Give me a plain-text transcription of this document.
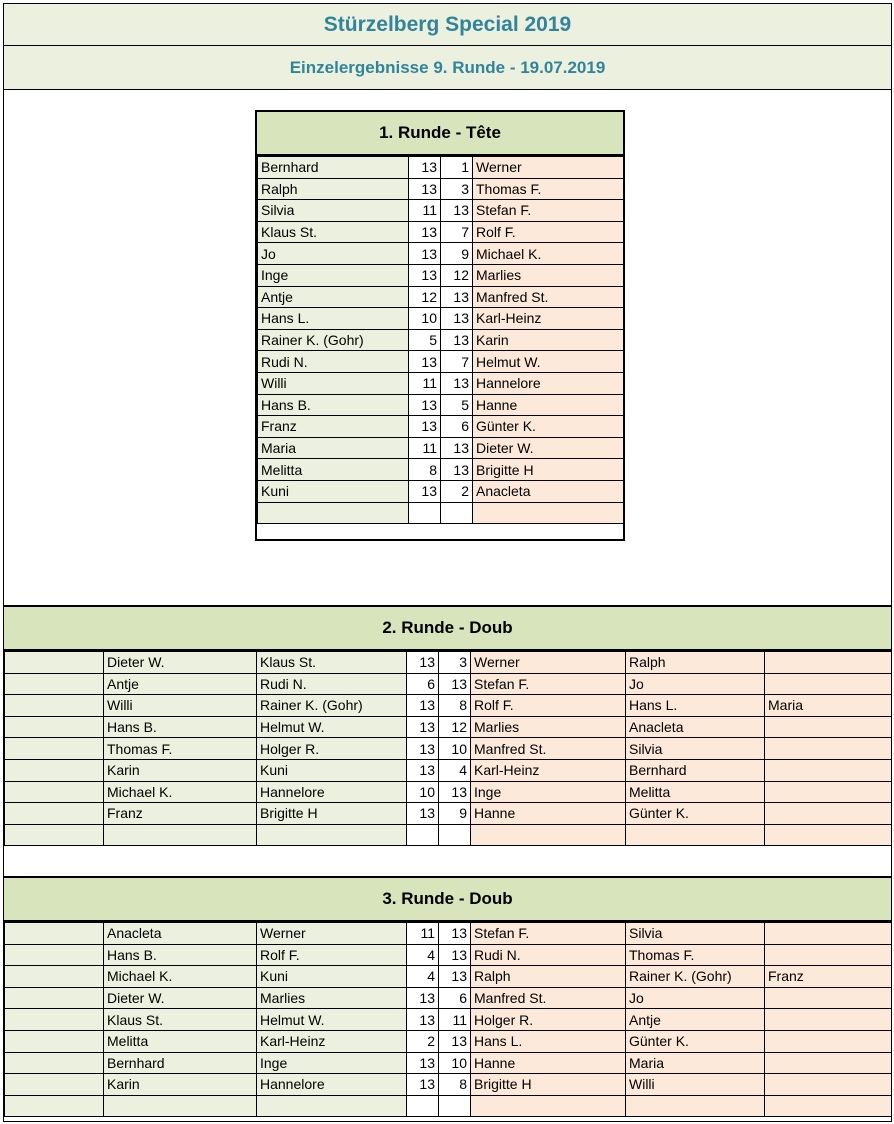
Stürzelberg Special 2019
Einzelergebnisse 9. Runde - 19.07.2019
1. Runde - Tête
Bernhard	13	1	Werner
Ralph	13	3	Thomas F.
Silvia	11	13	Stefan F.
Klaus St.	13	7	Rolf F.
Jo	13	9	Michael K.
Inge	13	12	Marlies
Antje	12	13	Manfred St.
Hans L.	10	13	Karl-Heinz
Rainer K. (Gohr)	5	13	Karin
Rudi N.	13	7	Helmut W.
Willi	11	13	Hannelore
Hans B.	13	5	Hanne
Franz	13	6	Günter K.
Maria	11	13	Dieter W.
Melitta	8	13	Brigitte H
Kuni	13	2	Anacleta

2. Runde - Doub
	Dieter W.	Klaus St.	13	3	Werner	Ralph	
	Antje	Rudi N.	6	13	Stefan F.	Jo	
	Willi	Rainer K. (Gohr)	13	8	Rolf F.	Hans L.	Maria
	Hans B.	Helmut W.	13	12	Marlies	Anacleta	
	Thomas F.	Holger R.	13	10	Manfred St.	Silvia	
	Karin	Kuni	13	4	Karl-Heinz	Bernhard	
	Michael K.	Hannelore	10	13	Inge	Melitta	
	Franz	Brigitte H	13	9	Hanne	Günter K.	

3. Runde - Doub
	Anacleta	Werner	11	13	Stefan F.	Silvia	
	Hans B.	Rolf F.	4	13	Rudi N.	Thomas F.	
	Michael K.	Kuni	4	13	Ralph	Rainer K. (Gohr)	Franz
	Dieter W.	Marlies	13	6	Manfred St.	Jo	
	Klaus St.	Helmut W.	13	11	Holger R.	Antje	
	Melitta	Karl-Heinz	2	13	Hans L.	Günter K.	
	Bernhard	Inge	13	10	Hanne	Maria	
	Karin	Hannelore	13	8	Brigitte H	Willi	
